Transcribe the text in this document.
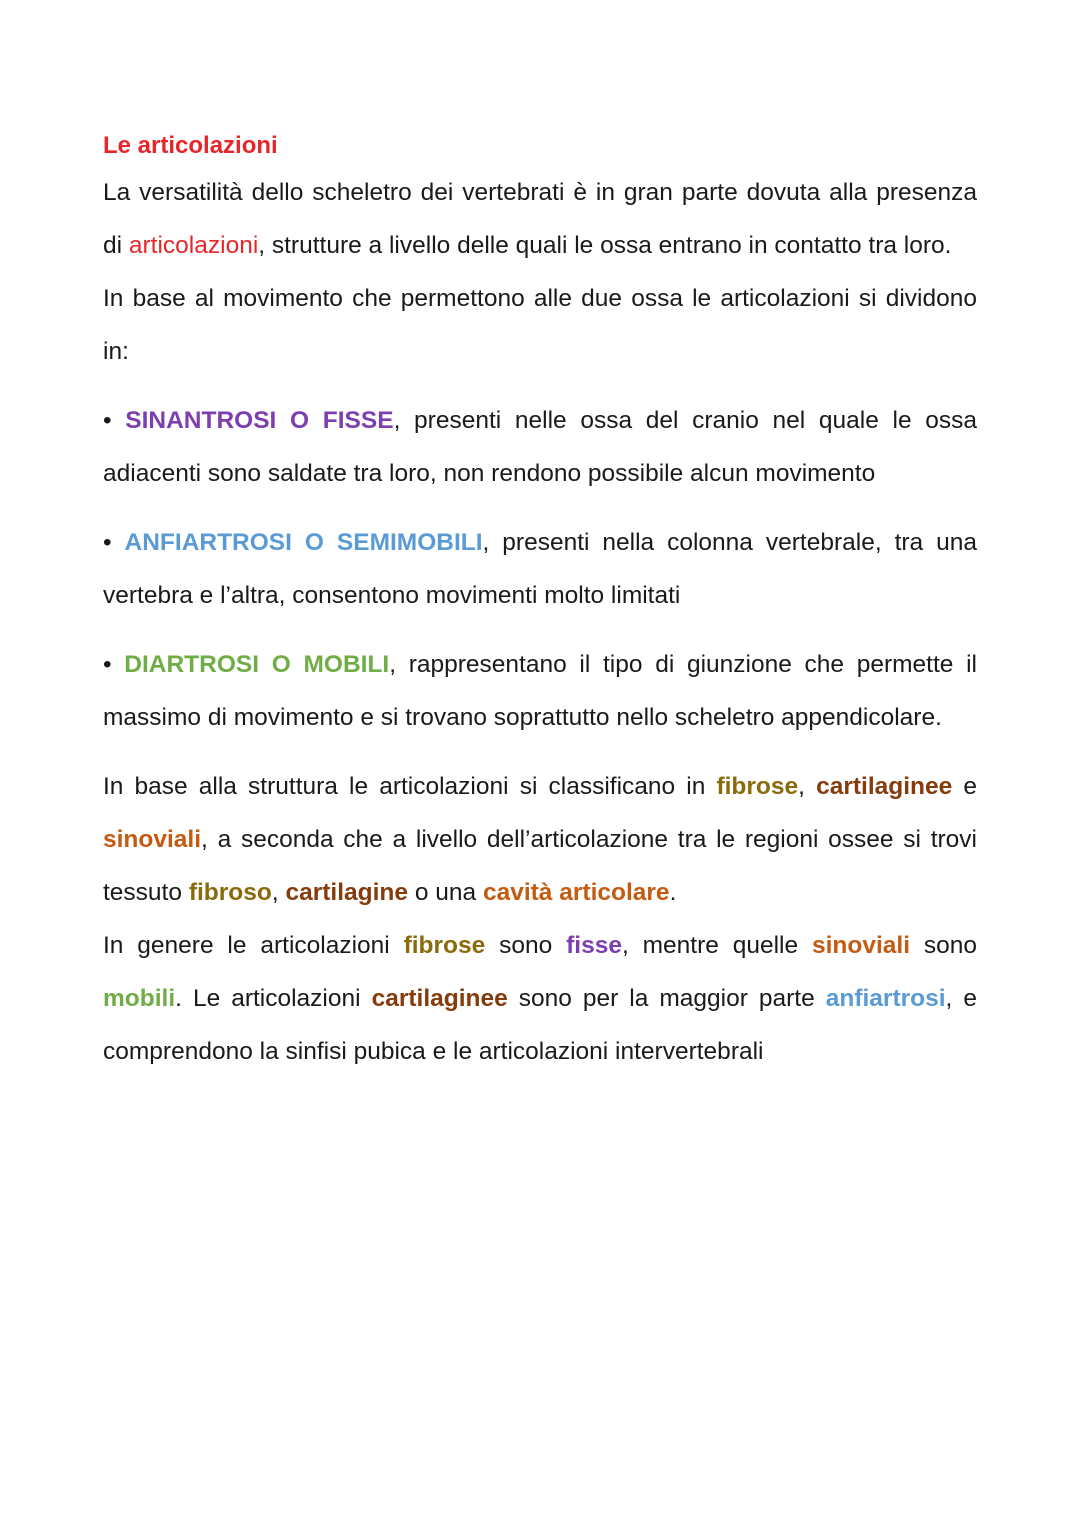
Le articolazioni

La versatilità dello scheletro dei vertebrati è in gran parte dovuta alla presenza di articolazioni, strutture a livello delle quali le ossa entrano in contatto tra loro.

In base al movimento che permettono alle due ossa le articolazioni si dividono in:

• SINANTROSI O FISSE, presenti nelle ossa del cranio nel quale le ossa adiacenti sono saldate tra loro, non rendono possibile alcun movimento

• ANFIARTROSI O SEMIMOBILI, presenti nella colonna vertebrale, tra una vertebra e l’altra, consentono movimenti molto limitati

• DIARTROSI O MOBILI, rappresentano il tipo di giunzione che permette il massimo di movimento e si trovano soprattutto nello scheletro appendicolare.

In base alla struttura le articolazioni si classificano in fibrose, cartilaginee e sinoviali, a seconda che a livello dell’articolazione tra le regioni ossee si trovi tessuto fibroso, cartilagine o una cavità articolare.

In genere le articolazioni fibrose sono fisse, mentre quelle sinoviali sono mobili. Le articolazioni cartilaginee sono per la maggior parte anfiartrosi, e comprendono la sinfisi pubica e le articolazioni intervertebrali
